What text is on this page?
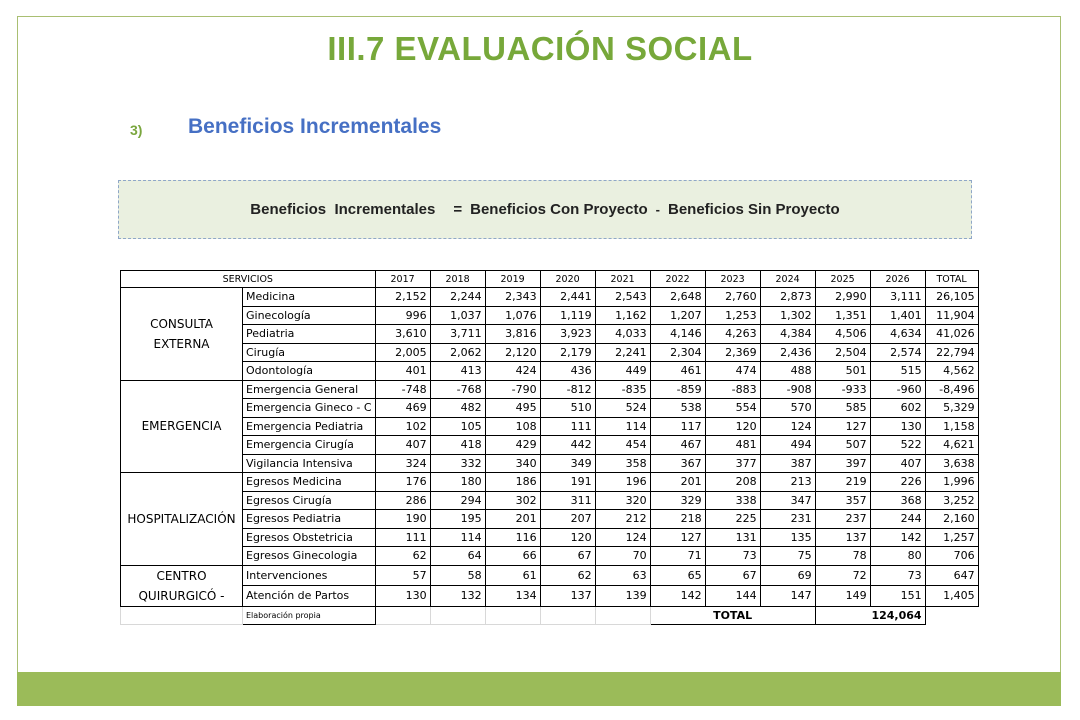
III.7 EVALUACIÓN SOCIAL
3) Beneficios Incrementales
Beneficios  Incrementales = Beneficios Con Proyecto - Beneficios Sin Proyecto
SERVICIOS		2017	2018	2019	2020	2021	2022	2023	2024	2025	2026	TOTAL
CONSULTA EXTERNA	Medicina	2,152	2,244	2,343	2,441	2,543	2,648	2,760	2,873	2,990	3,111	26,105
	Ginecología	996	1,037	1,076	1,119	1,162	1,207	1,253	1,302	1,351	1,401	11,904
	Pediatria	3,610	3,711	3,816	3,923	4,033	4,146	4,263	4,384	4,506	4,634	41,026
	Cirugía	2,005	2,062	2,120	2,179	2,241	2,304	2,369	2,436	2,504	2,574	22,794
	Odontología	401	413	424	436	449	461	474	488	501	515	4,562
EMERGENCIA	Emergencia General	-748	-768	-790	-812	-835	-859	-883	-908	-933	-960	-8,496
	Emergencia Gineco - C	469	482	495	510	524	538	554	570	585	602	5,329
	Emergencia Pediatria	102	105	108	111	114	117	120	124	127	130	1,158
	Emergencia Cirugía	407	418	429	442	454	467	481	494	507	522	4,621
	Vigilancia Intensiva	324	332	340	349	358	367	377	387	397	407	3,638
HOSPITALIZACIÓN	Egresos Medicina	176	180	186	191	196	201	208	213	219	226	1,996
	Egresos Cirugía	286	294	302	311	320	329	338	347	357	368	3,252
	Egresos Pediatria	190	195	201	207	212	218	225	231	237	244	2,160
	Egresos Obstetricia	111	114	116	120	124	127	131	135	137	142	1,257
	Egresos Ginecologia	62	64	66	67	70	71	73	75	78	80	706
CENTRO QUIRURGICÓ -	Intervenciones	57	58	61	62	63	65	67	69	72	73	647
	Atención de Partos	130	132	134	137	139	142	144	147	149	151	1,405
	Elaboración propia						TOTAL			124,064		
